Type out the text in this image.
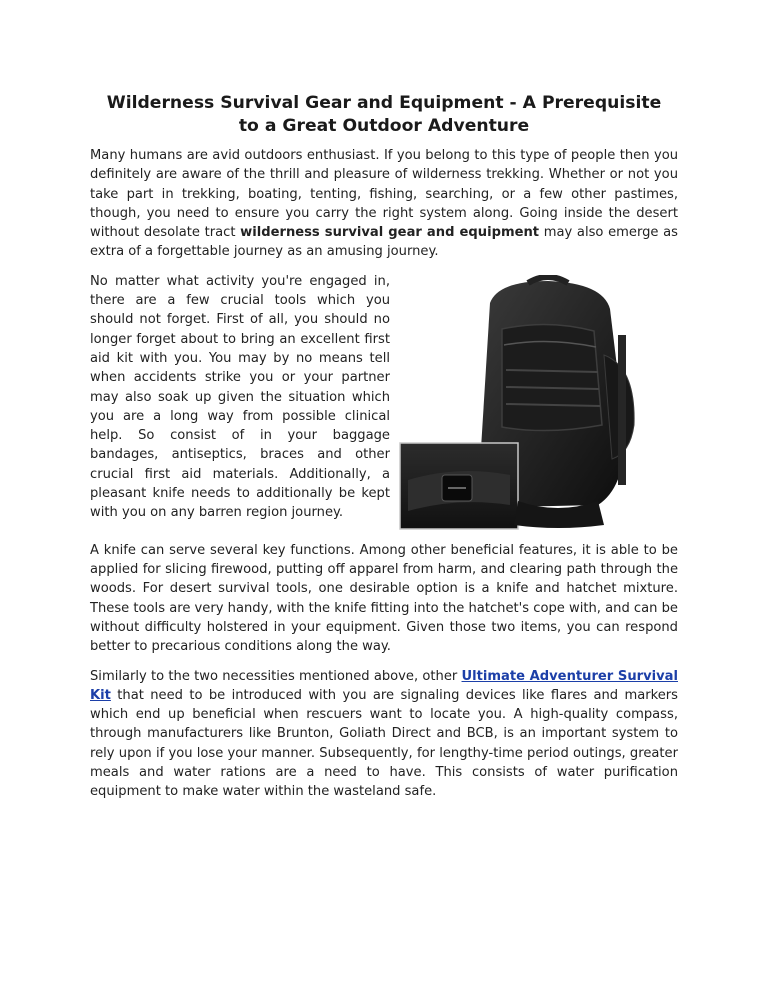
Wilderness Survival Gear and Equipment - A Prerequisite
to a Great Outdoor Adventure

Many humans are avid outdoors enthusiast. If you belong to this type of people then you definitely are aware of the thrill and pleasure of wilderness trekking. Whether or not you take part in trekking, boating, tenting, fishing, searching, or a few other pastimes, though, you need to ensure you carry the right system along. Going inside the desert without desolate tract wilderness survival gear and equipment may also emerge as extra of a forgettable journey as an amusing journey.

No matter what activity you're engaged in, there are a few crucial tools which you should not forget. First of all, you should no longer forget about to bring an excellent first aid kit with you. You may by no means tell when accidents strike you or your partner may also soak up given the situation which you are a long way from possible clinical help. So consist of in your baggage bandages, antiseptics, braces and other crucial first aid materials. Additionally, a pleasant knife needs to additionally be kept with you on any barren region journey.

A knife can serve several key functions. Among other beneficial features, it is able to be applied for slicing firewood, putting off apparel from harm, and clearing path through the woods. For desert survival tools, one desirable option is a knife and hatchet mixture. These tools are very handy, with the knife fitting into the hatchet's cope with, and can be without difficulty holstered in your equipment. Given those two items, you can respond better to precarious conditions along the way.

Similarly to the two necessities mentioned above, other Ultimate Adventurer Survival Kit that need to be introduced with you are signaling devices like flares and markers which end up beneficial when rescuers want to locate you. A high-quality compass, through manufacturers like Brunton, Goliath Direct and BCB, is an important system to rely upon if you lose your manner. Subsequently, for lengthy-time period outings, greater meals and water rations are a need to have. This consists of water purification equipment to make water within the wasteland safe.
